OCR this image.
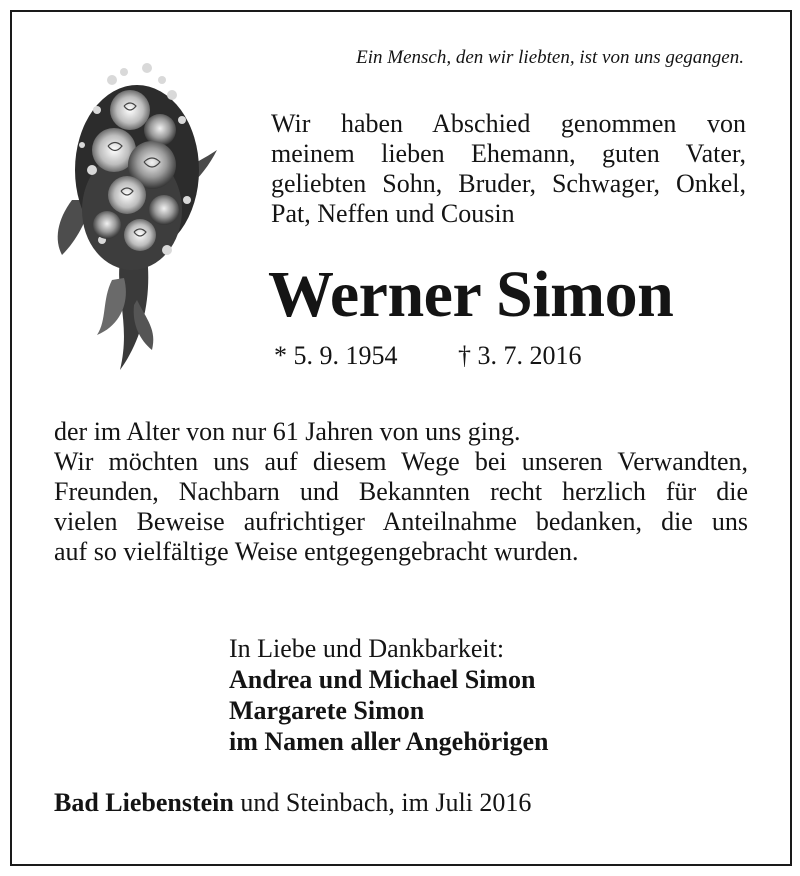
Ein Mensch, den wir liebten, ist von uns gegangen.
Wir haben Abschied genommen von
meinem lieben Ehemann, guten Vater,
geliebten Sohn, Bruder, Schwager, Onkel,
Pat, Neffen und Cousin
Werner Simon
* 5. 9. 1954 † 3. 7. 2016
der im Alter von nur 61 Jahren von uns ging.
Wir möchten uns auf diesem Wege bei unseren Verwandten,
Freunden, Nachbarn und Bekannten recht herzlich für die
vielen Beweise aufrichtiger Anteilnahme bedanken, die uns
auf so vielfältige Weise entgegengebracht wurden.
In Liebe und Dankbarkeit:
Andrea und Michael Simon
Margarete Simon
im Namen aller Angehörigen
Bad Liebenstein und Steinbach, im Juli 2016
